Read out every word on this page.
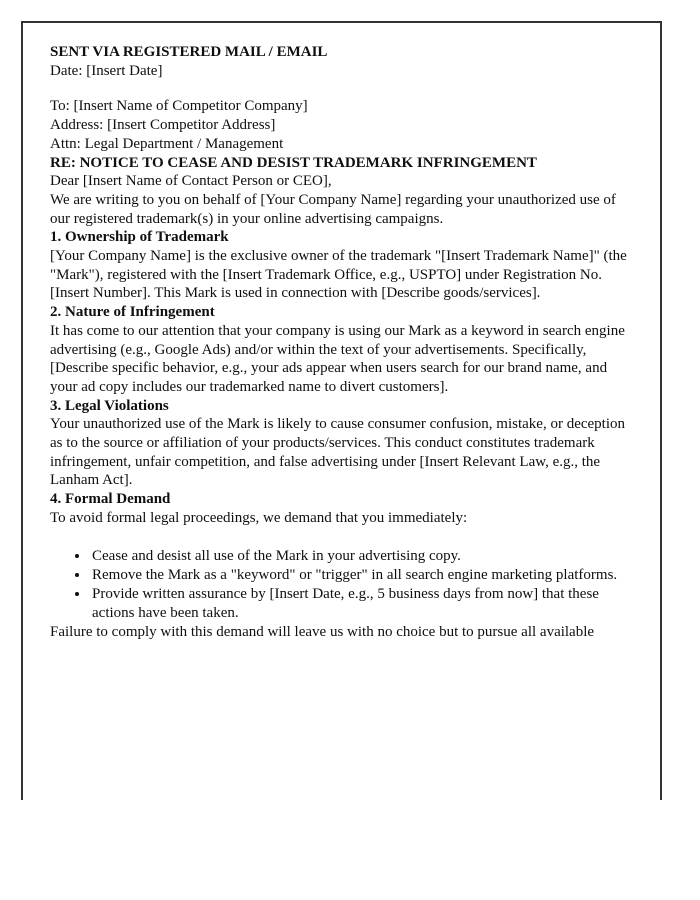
SENT VIA REGISTERED MAIL / EMAIL

Date: [Insert Date]

To: [Insert Name of Competitor Company]
Address: [Insert Competitor Address]
Attn: Legal Department / Management

RE: NOTICE TO CEASE AND DESIST TRADEMARK INFRINGEMENT

Dear [Insert Name of Contact Person or CEO],

We are writing to you on behalf of [Your Company Name] regarding your unauthorized use of our registered trademark(s) in your online advertising campaigns.

1. Ownership of Trademark
[Your Company Name] is the exclusive owner of the trademark "[Insert Trademark Name]" (the "Mark"), registered with the [Insert Trademark Office, e.g., USPTO] under Registration No. [Insert Number]. This Mark is used in connection with [Describe goods/services].

2. Nature of Infringement
It has come to our attention that your company is using our Mark as a keyword in search engine advertising (e.g., Google Ads) and/or within the text of your advertisements. Specifically, [Describe specific behavior, e.g., your ads appear when users search for our brand name, and your ad copy includes our trademarked name to divert customers].

3. Legal Violations
Your unauthorized use of the Mark is likely to cause consumer confusion, mistake, or deception as to the source or affiliation of your products/services. This conduct constitutes trademark infringement, unfair competition, and false advertising under [Insert Relevant Law, e.g., the Lanham Act].

4. Formal Demand
To avoid formal legal proceedings, we demand that you immediately:

• Cease and desist all use of the Mark in your advertising copy.
• Remove the Mark as a "keyword" or "trigger" in all search engine marketing platforms.
• Provide written assurance by [Insert Date, e.g., 5 business days from now] that these actions have been taken.

Failure to comply with this demand will leave us with no choice but to pursue all available
